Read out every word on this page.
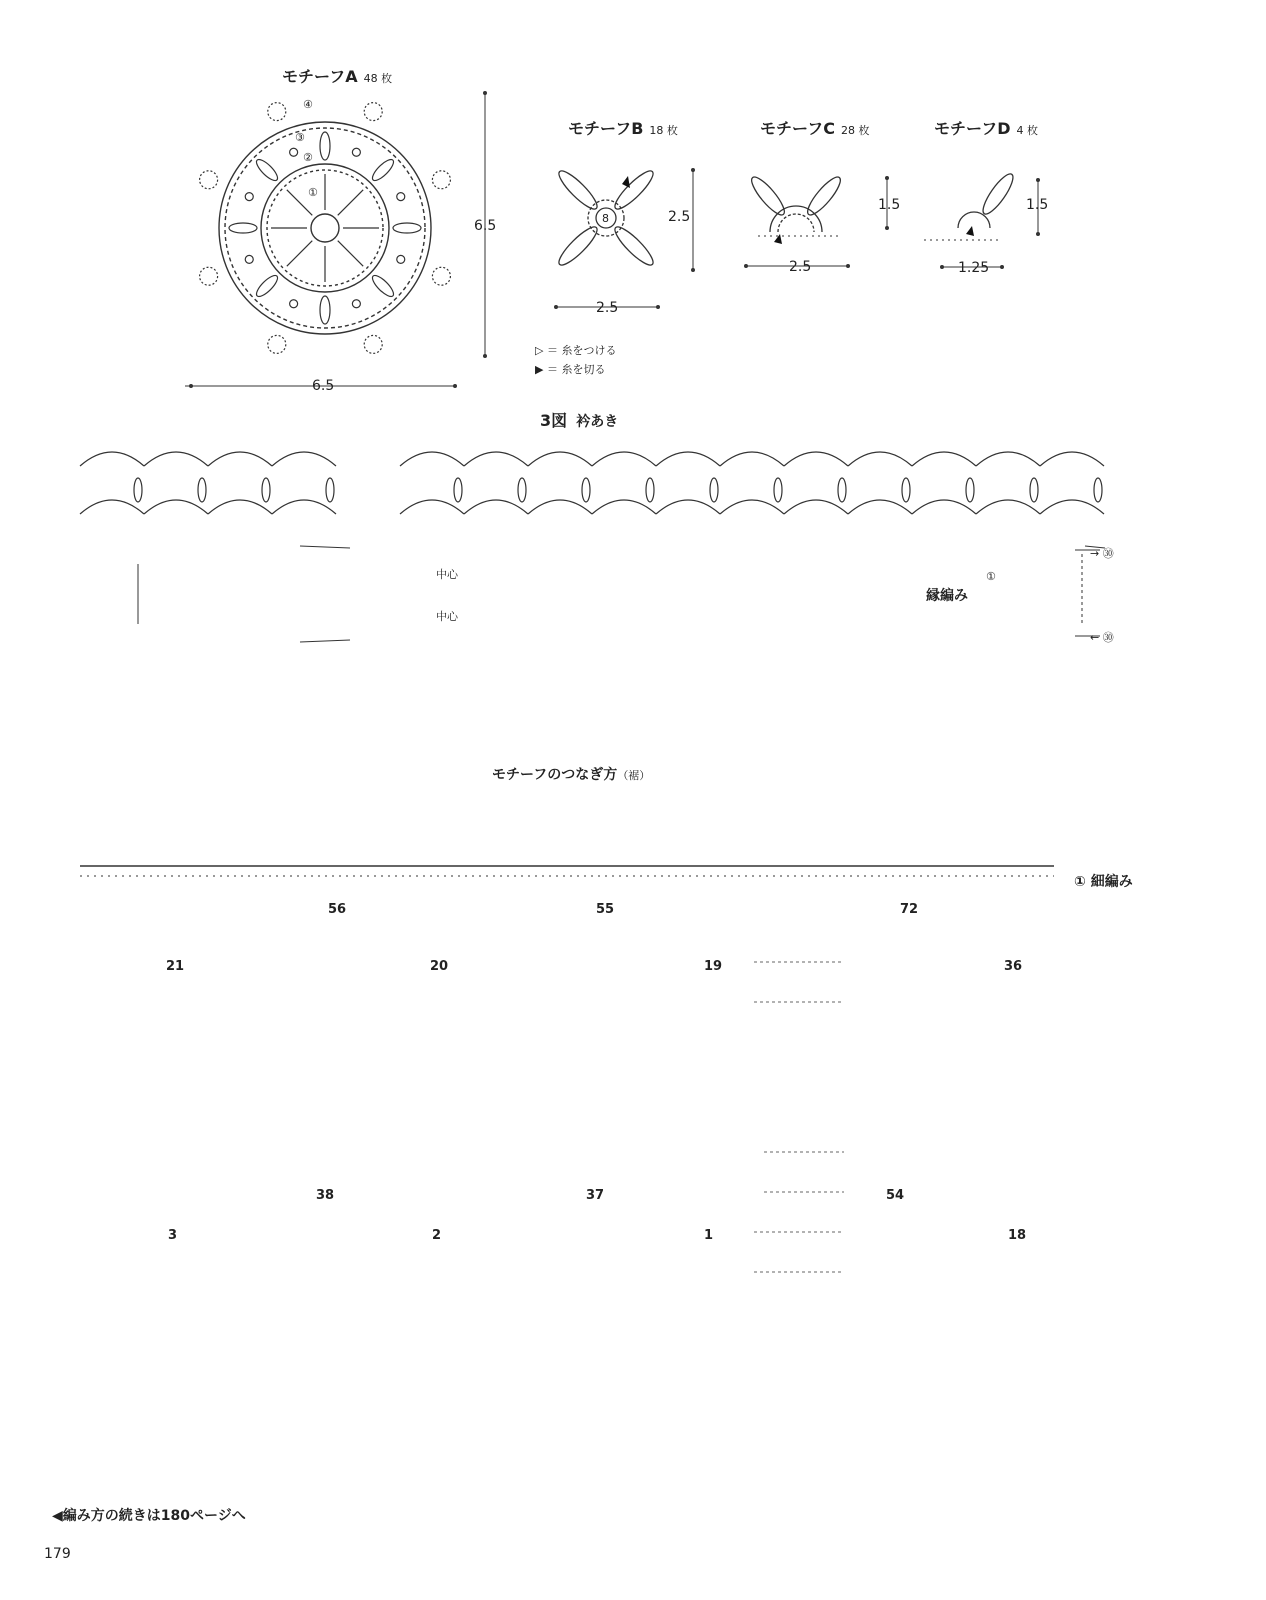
モチーフA 48 枚
①
②
③
④
6.5
6.5
モチーフB 18 枚
8	2.5
2.5
モチーフC 28 枚
1.5
2.5
モチーフD 4 枚
1.5
1.25
▷ ＝ 糸をつける
▶ ＝ 糸を切る
3図 衿あき
中心
中心
縁編み
①
→ ㉚
← ㉚
モチーフのつなぎ方（裾）
① 細編み
21	20	19	36
3	2	1	18
56	55	72
38	37	54
◀編み方の続きは180ページへ
179
